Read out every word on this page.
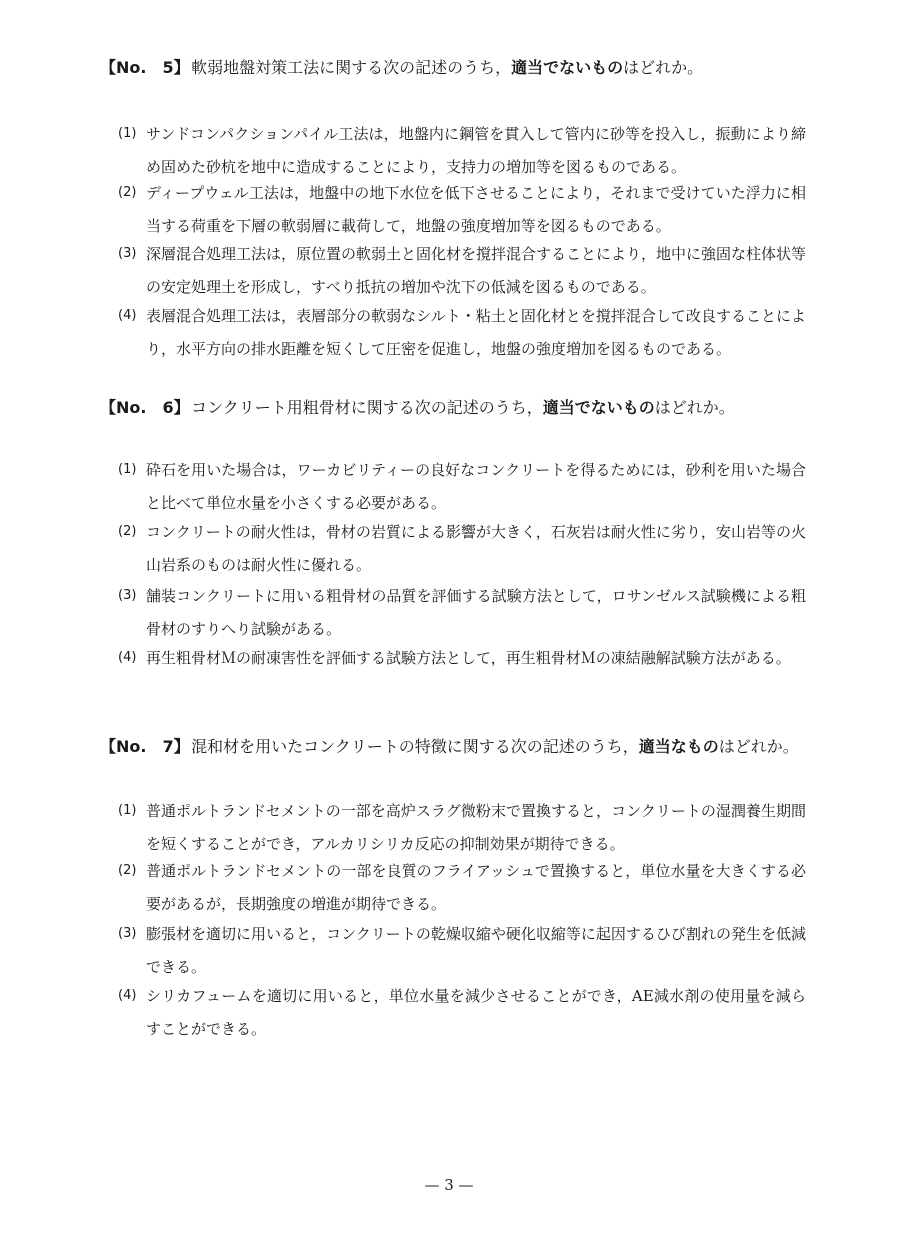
【No.　5】 軟弱地盤対策工法に関する次の記述のうち，適当でないものはどれか。
(1) サンドコンパクションパイル工法は，地盤内に鋼管を貫入して管内に砂等を投入し，振動により締め固めた砂杭を地中に造成することにより，支持力の増加等を図るものである。
(2) ディープウェル工法は，地盤中の地下水位を低下させることにより，それまで受けていた浮力に相当する荷重を下層の軟弱層に載荷して，地盤の強度増加等を図るものである。
(3) 深層混合処理工法は，原位置の軟弱土と固化材を撹拌混合することにより，地中に強固な柱体状等の安定処理土を形成し，すべり抵抗の増加や沈下の低減を図るものである。
(4) 表層混合処理工法は，表層部分の軟弱なシルト・粘土と固化材とを撹拌混合して改良することにより，水平方向の排水距離を短くして圧密を促進し，地盤の強度増加を図るものである。
【No.　6】 コンクリート用粗骨材に関する次の記述のうち，適当でないものはどれか。
(1) 砕石を用いた場合は，ワーカビリティーの良好なコンクリートを得るためには，砂利を用いた場合と比べて単位水量を小さくする必要がある。
(2) コンクリートの耐火性は，骨材の岩質による影響が大きく，石灰岩は耐火性に劣り，安山岩等の火山岩系のものは耐火性に優れる。
(3) 舗装コンクリートに用いる粗骨材の品質を評価する試験方法として，ロサンゼルス試験機による粗骨材のすりへり試験がある。
(4) 再生粗骨材Ｍの耐凍害性を評価する試験方法として，再生粗骨材Ｍの凍結融解試験方法がある。
【No.　7】 混和材を用いたコンクリートの特徴に関する次の記述のうち，適当なものはどれか。
(1) 普通ポルトランドセメントの一部を高炉スラグ微粉末で置換すると，コンクリートの湿潤養生期間を短くすることができ，アルカリシリカ反応の抑制効果が期待できる。
(2) 普通ポルトランドセメントの一部を良質のフライアッシュで置換すると，単位水量を大きくする必要があるが，長期強度の増進が期待できる。
(3) 膨張材を適切に用いると，コンクリートの乾燥収縮や硬化収縮等に起因するひび割れの発生を低減できる。
(4) シリカフュームを適切に用いると，単位水量を減少させることができ，AE減水剤の使用量を減らすことができる。
— 3 —
